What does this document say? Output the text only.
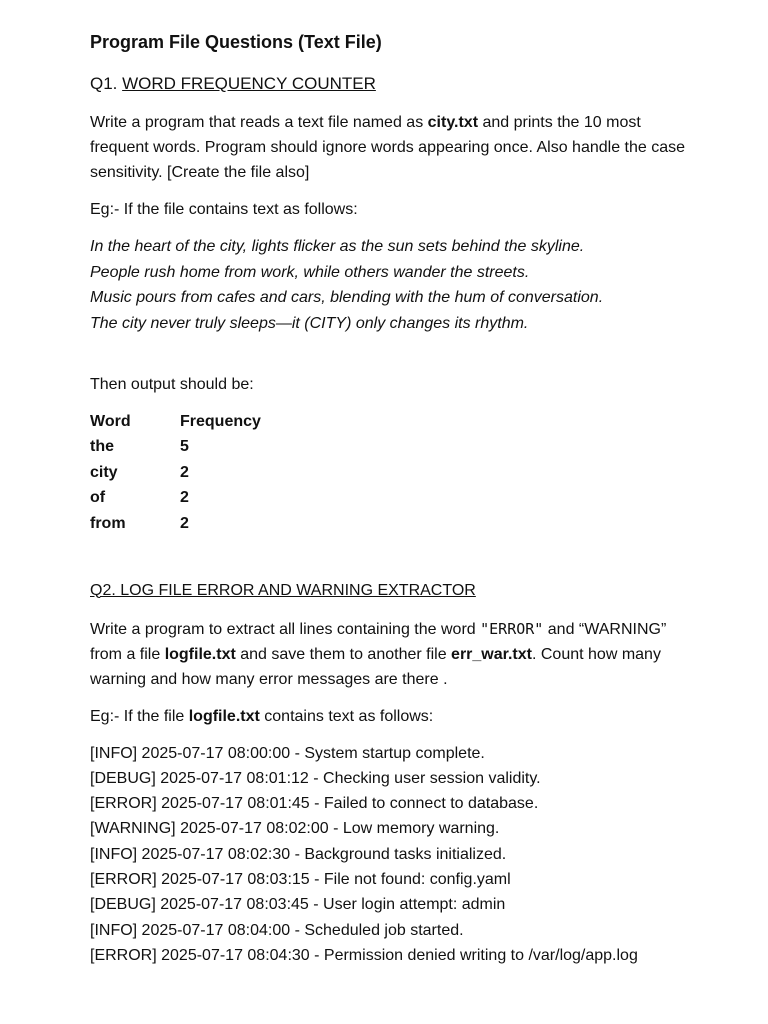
Program File Questions (Text File)
Q1. WORD FREQUENCY COUNTER

Write a program that reads a text file named as city.txt and prints the 10 most frequent words. Program should ignore words appearing once. Also handle the case sensitivity. [Create the file also]

Eg:- If the file contains text as follows:

In the heart of the city, lights flicker as the sun sets behind the skyline.
People rush home from work, while others wander the streets.
Music pours from cafes and cars, blending with the hum of conversation.
The city never truly sleeps—it (CITY) only changes its rhythm.

Then output should be:

Word	Frequency
the	5
city	2
of	2
from	2
Q2. LOG FILE ERROR AND WARNING EXTRACTOR

Write a program to extract all lines containing the word "ERROR" and “WARNING” from a file logfile.txt and save them to another file err_war.txt. Count how many warning and how many error messages are there .

Eg:- If the file logfile.txt contains text as follows:

[INFO] 2025-07-17 08:00:00 - System startup complete.
[DEBUG] 2025-07-17 08:01:12 - Checking user session validity.
[ERROR] 2025-07-17 08:01:45 - Failed to connect to database.
[WARNING] 2025-07-17 08:02:00 - Low memory warning.
[INFO] 2025-07-17 08:02:30 - Background tasks initialized.
[ERROR] 2025-07-17 08:03:15 - File not found: config.yaml
[DEBUG] 2025-07-17 08:03:45 - User login attempt: admin
[INFO] 2025-07-17 08:04:00 - Scheduled job started.
[ERROR] 2025-07-17 08:04:30 - Permission denied writing to /var/log/app.log
